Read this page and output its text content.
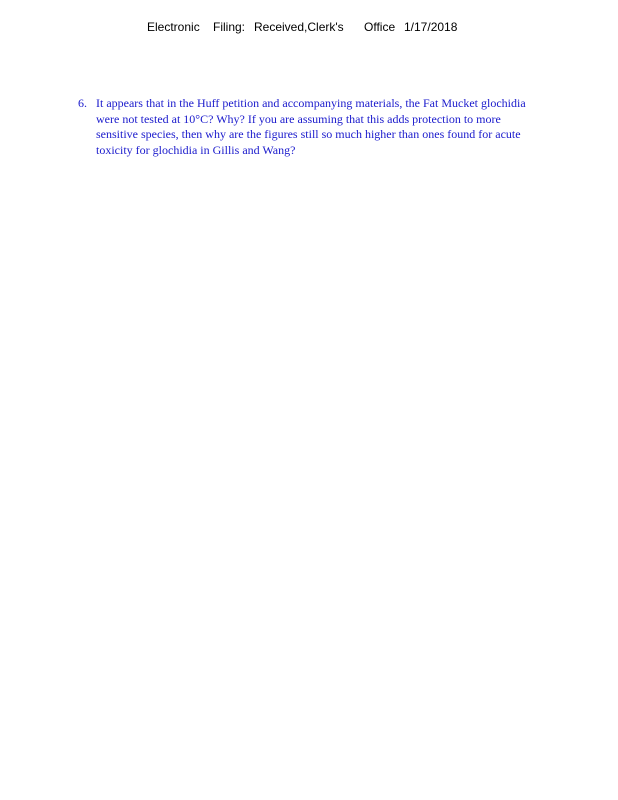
Electronic Filing: Received,Clerk's Office 1/17/2018
6. It appears that in the Huff petition and accompanying materials, the Fat Mucket glochidia
were not tested at 10°C? Why? If you are assuming that this adds protection to more
sensitive species, then why are the figures still so much higher than ones found for acute
toxicity for glochidia in Gillis and Wang?
